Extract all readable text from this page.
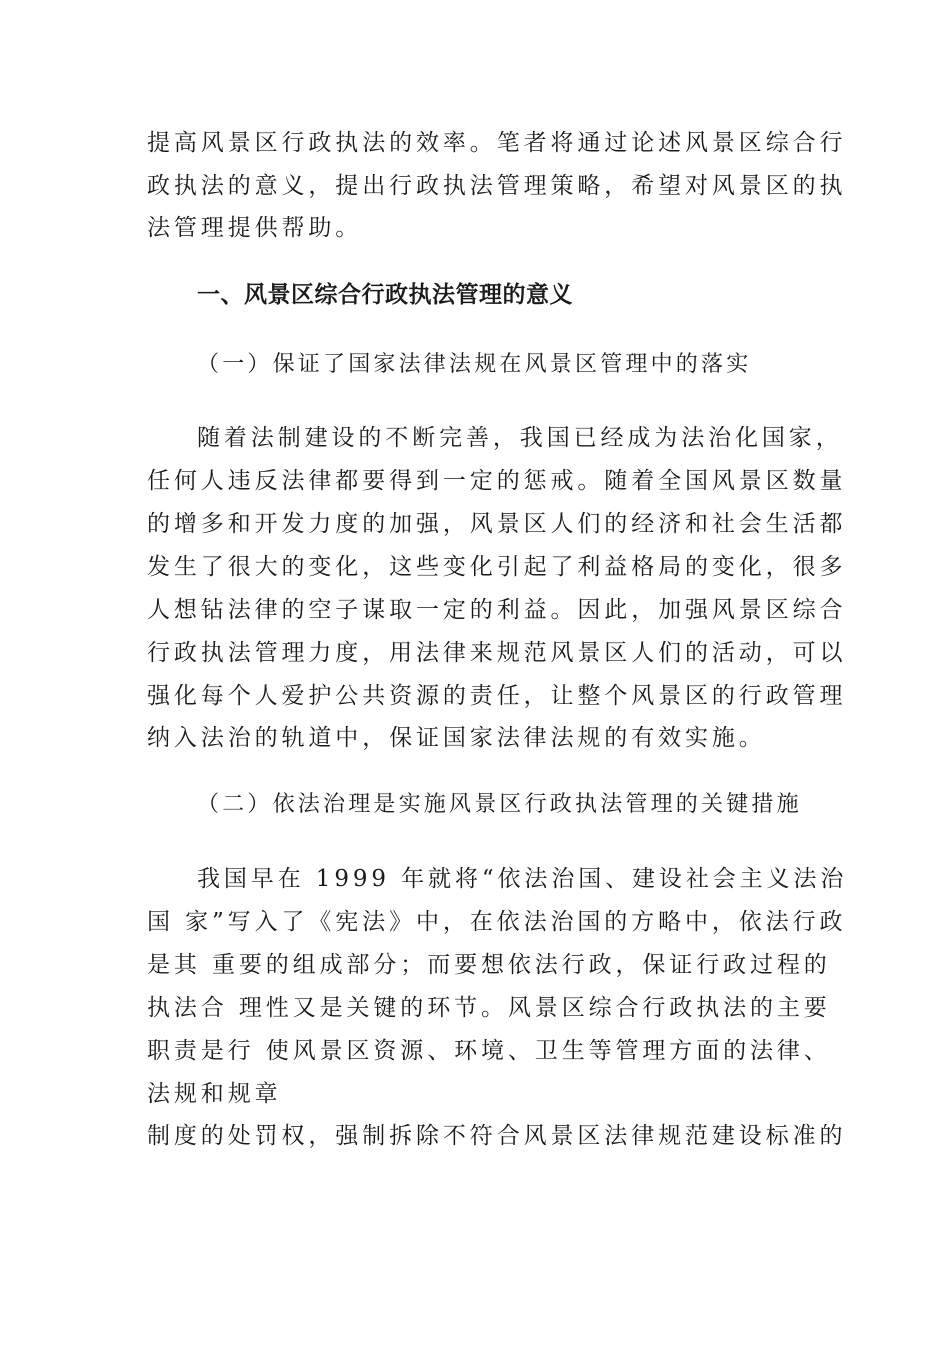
提高风景区行政执法的效率。笔者将通过论述风景区综合行
政执法的意义，提出行政执法管理策略，希望对风景区的执
法管理提供帮助。
一、风景区综合行政执法管理的意义
（一）保证了国家法律法规在风景区管理中的落实
随着法制建设的不断完善，我国已经成为法治化国家，
任何人违反法律都要得到一定的惩戒。随着全国风景区数量
的增多和开发力度的加强，风景区人们的经济和社会生活都
发生了很大的变化，这些变化引起了利益格局的变化，很多
人想钻法律的空子谋取一定的利益。因此，加强风景区综合
行政执法管理力度，用法律来规范风景区人们的活动，可以
强化每个人爱护公共资源的责任，让整个风景区的行政管理
纳入法治的轨道中，保证国家法律法规的有效实施。
（二）依法治理是实施风景区行政执法管理的关键措施
我国早在 1999 年就将“依法治国、建设社会主义法治
国 家”写入了《宪法》中，在依法治国的方略中，依法行政
是其 重要的组成部分；而要想依法行政，保证行政过程的
执法合 理性又是关键的环节。风景区综合行政执法的主要
职责是行 使风景区资源、环境、卫生等管理方面的法律、
法规和规章
制度的处罚权，强制拆除不符合风景区法律规范建设标准的
